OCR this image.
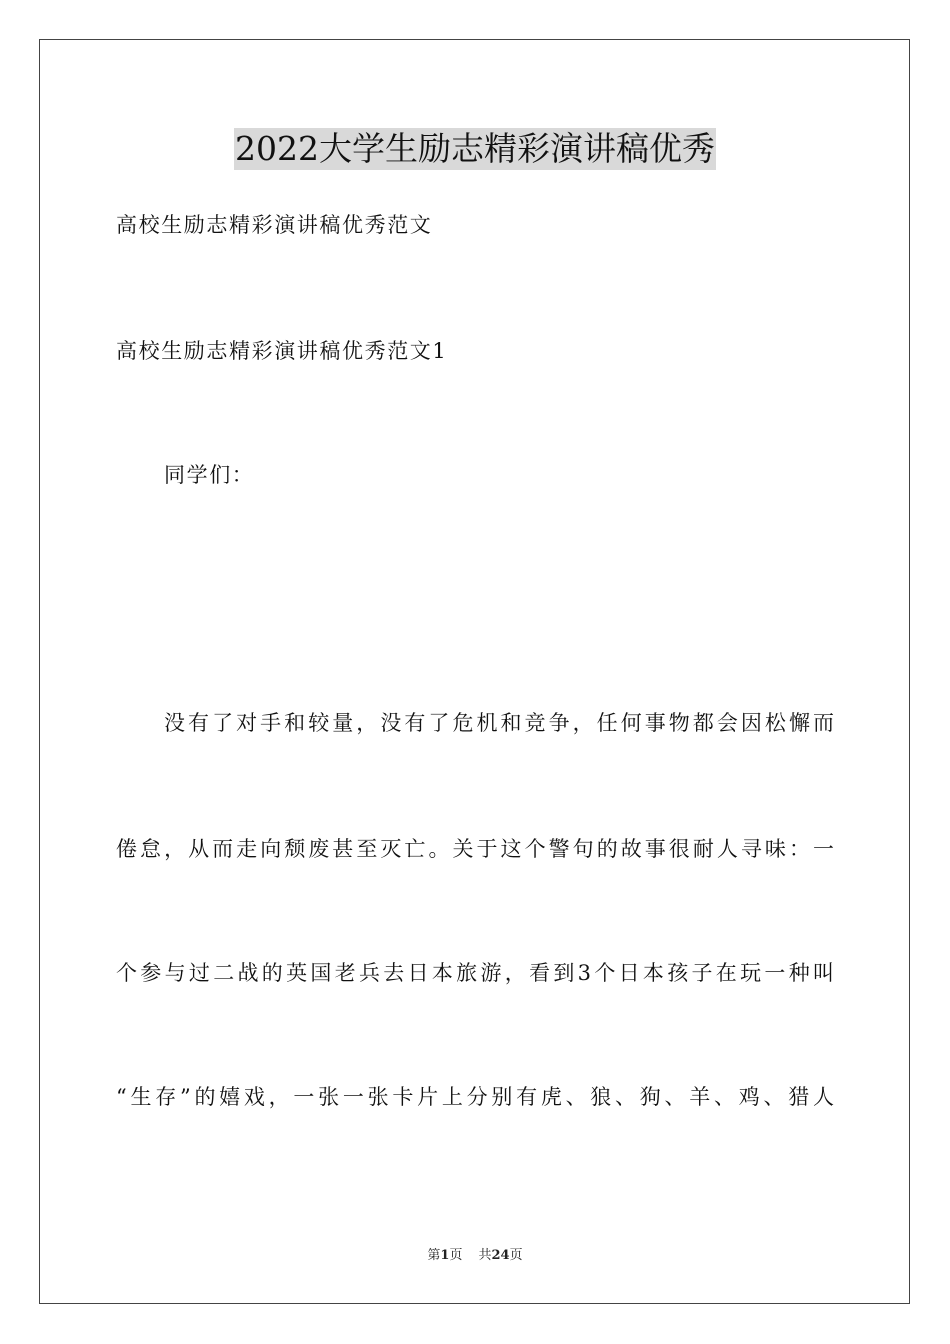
2022大学生励志精彩演讲稿优秀

高校生励志精彩演讲稿优秀范文

高校生励志精彩演讲稿优秀范文1

同学们：

没有了对手和较量，没有了危机和竞争，任何事物都会因松懈而

倦怠，从而走向颓废甚至灭亡。关于这个警句的故事很耐人寻味：一

个参与过二战的英国老兵去日本旅游，看到3个日本孩子在玩一种叫

“生存”的嬉戏，一张一张卡片上分别有虎、狼、狗、羊、鸡、猎人

第1页 共24页
